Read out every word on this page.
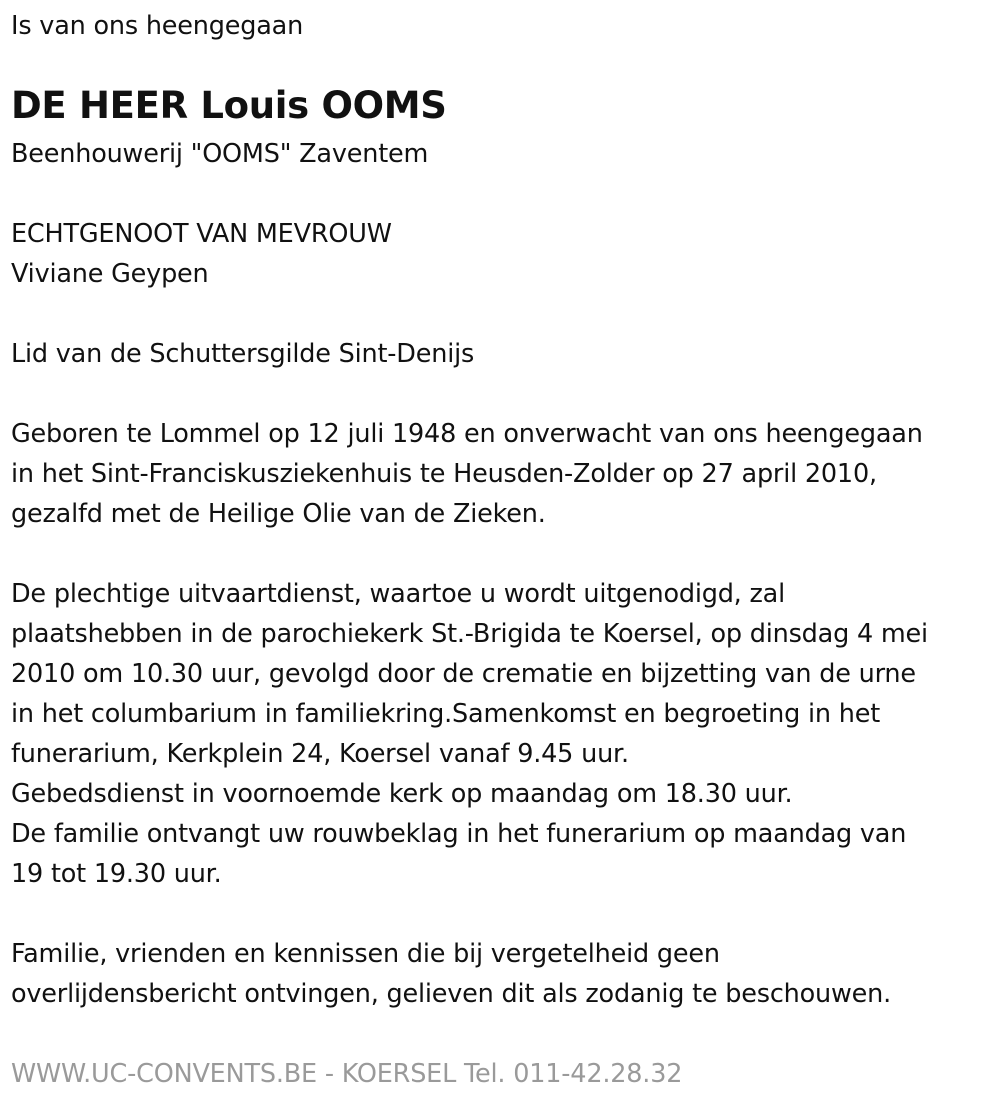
Is van ons heengegaan
DE HEER Louis OOMS
Beenhouwerij "OOMS" Zaventem
ECHTGENOOT VAN MEVROUW
Viviane Geypen
Lid van de Schuttersgilde Sint-Denijs
Geboren te Lommel op 12 juli 1948 en onverwacht van ons heengegaan
in het Sint-Franciskusziekenhuis te Heusden-Zolder op 27 april 2010,
gezalfd met de Heilige Olie van de Zieken.
De plechtige uitvaartdienst, waartoe u wordt uitgenodigd, zal
plaatshebben in de parochiekerk St.-Brigida te Koersel, op dinsdag 4 mei
2010 om 10.30 uur, gevolgd door de crematie en bijzetting van de urne
in het columbarium in familiekring.Samenkomst en begroeting in het
funerarium, Kerkplein 24, Koersel vanaf 9.45 uur.
Gebedsdienst in voornoemde kerk op maandag om 18.30 uur.
De familie ontvangt uw rouwbeklag in het funerarium op maandag van
19 tot 19.30 uur.
Familie, vrienden en kennissen die bij vergetelheid geen
overlijdensbericht ontvingen, gelieven dit als zodanig te beschouwen.
WWW.UC-CONVENTS.BE - KOERSEL Tel. 011-42.28.32
